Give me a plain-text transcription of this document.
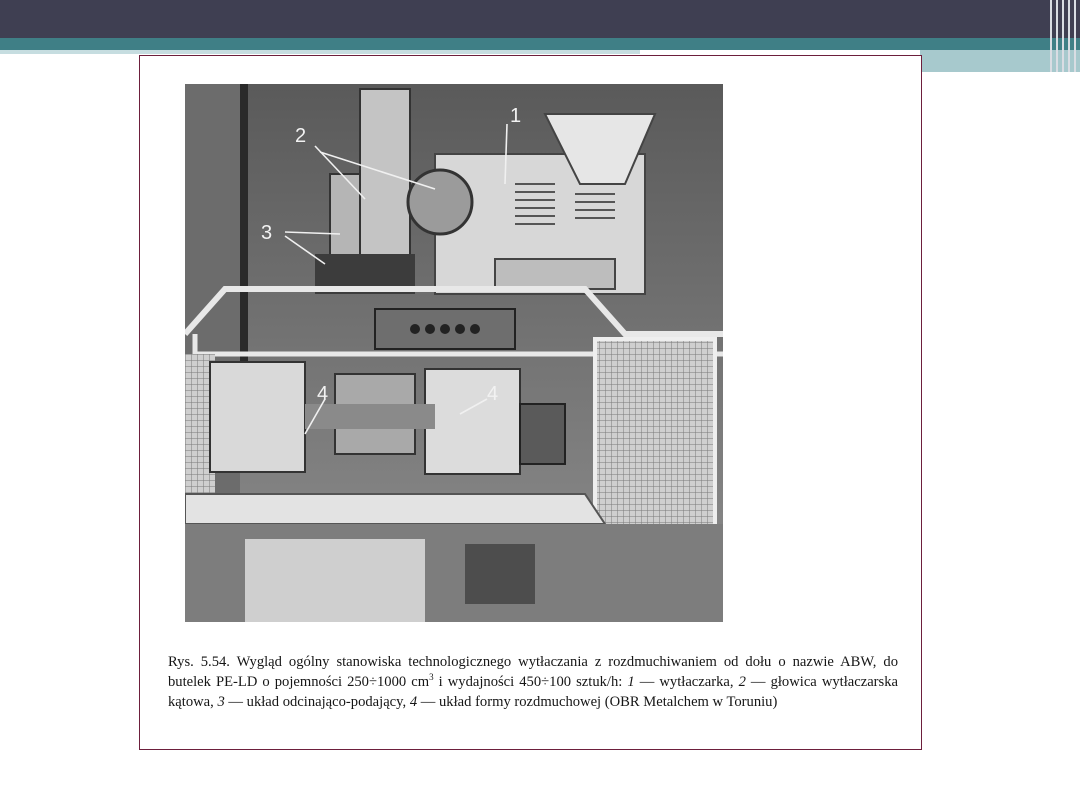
1
2
3
4	4
Rys. 5.54. Wygląd ogólny stanowiska technologicznego wytłaczania z rozdmuchiwaniem od dołu o nazwie ABW, do butelek PE-LD o pojemności 250÷1000 $cm^3$ i wydajności 450÷100 sztuk/h: 1 — wytłaczarka, 2 — głowica wytłaczarska kątowa, 3 — układ odcinająco-podający, 4 — układ formy rozdmuchowej (OBR Metalchem w Toruniu)
